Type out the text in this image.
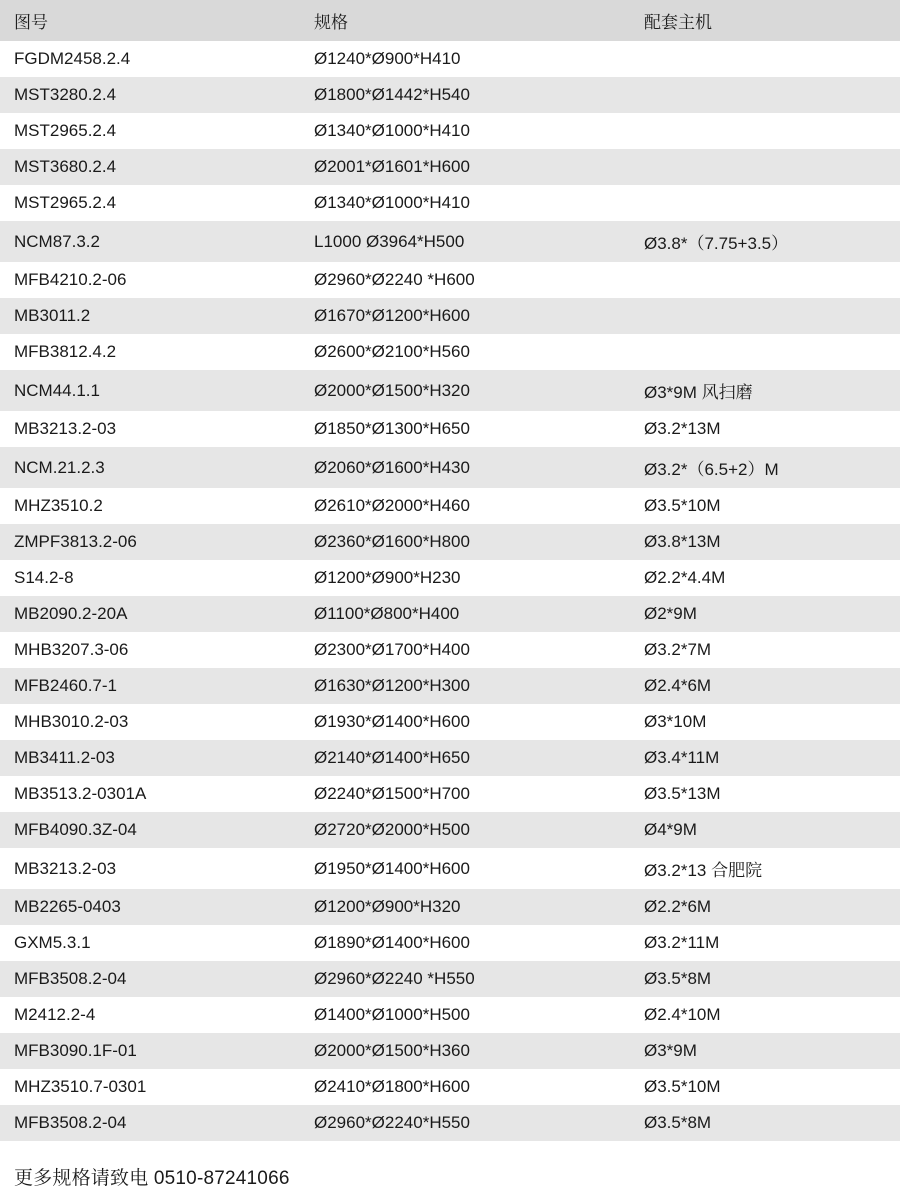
图号	规格	配套主机
FGDM2458.2.4	Ø1240*Ø900*H410	
MST3280.2.4	Ø1800*Ø1442*H540	
MST2965.2.4	Ø1340*Ø1000*H410	
MST3680.2.4	Ø2001*Ø1601*H600	
MST2965.2.4	Ø1340*Ø1000*H410	
NCM87.3.2	L1000 Ø3964*H500	Ø3.8*（7.75+3.5）
MFB4210.2-06	Ø2960*Ø2240 *H600	
MB3011.2	Ø1670*Ø1200*H600	
MFB3812.4.2	Ø2600*Ø2100*H560	
NCM44.1.1	Ø2000*Ø1500*H320	Ø3*9M 风扫磨
MB3213.2-03	Ø1850*Ø1300*H650	Ø3.2*13M
NCM.21.2.3	Ø2060*Ø1600*H430	Ø3.2*（6.5+2）M
MHZ3510.2	Ø2610*Ø2000*H460	Ø3.5*10M
ZMPF3813.2-06	Ø2360*Ø1600*H800	Ø3.8*13M
S14.2-8	Ø1200*Ø900*H230	Ø2.2*4.4M
MB2090.2-20A	Ø1100*Ø800*H400	Ø2*9M
MHB3207.3-06	Ø2300*Ø1700*H400	Ø3.2*7M
MFB2460.7-1	Ø1630*Ø1200*H300	Ø2.4*6M
MHB3010.2-03	Ø1930*Ø1400*H600	Ø3*10M
MB3411.2-03	Ø2140*Ø1400*H650	Ø3.4*11M
MB3513.2-0301A	Ø2240*Ø1500*H700	Ø3.5*13M
MFB4090.3Z-04	Ø2720*Ø2000*H500	Ø4*9M
MB3213.2-03	Ø1950*Ø1400*H600	Ø3.2*13 合肥院
MB2265-0403	Ø1200*Ø900*H320	Ø2.2*6M
GXM5.3.1	Ø1890*Ø1400*H600	Ø3.2*11M
MFB3508.2-04	Ø2960*Ø2240 *H550	Ø3.5*8M
M2412.2-4	Ø1400*Ø1000*H500	Ø2.4*10M
MFB3090.1F-01	Ø2000*Ø1500*H360	Ø3*9M
MHZ3510.7-0301	Ø2410*Ø1800*H600	Ø3.5*10M
MFB3508.2-04	Ø2960*Ø2240*H550	Ø3.5*8M
更多规格请致电 0510-87241066
